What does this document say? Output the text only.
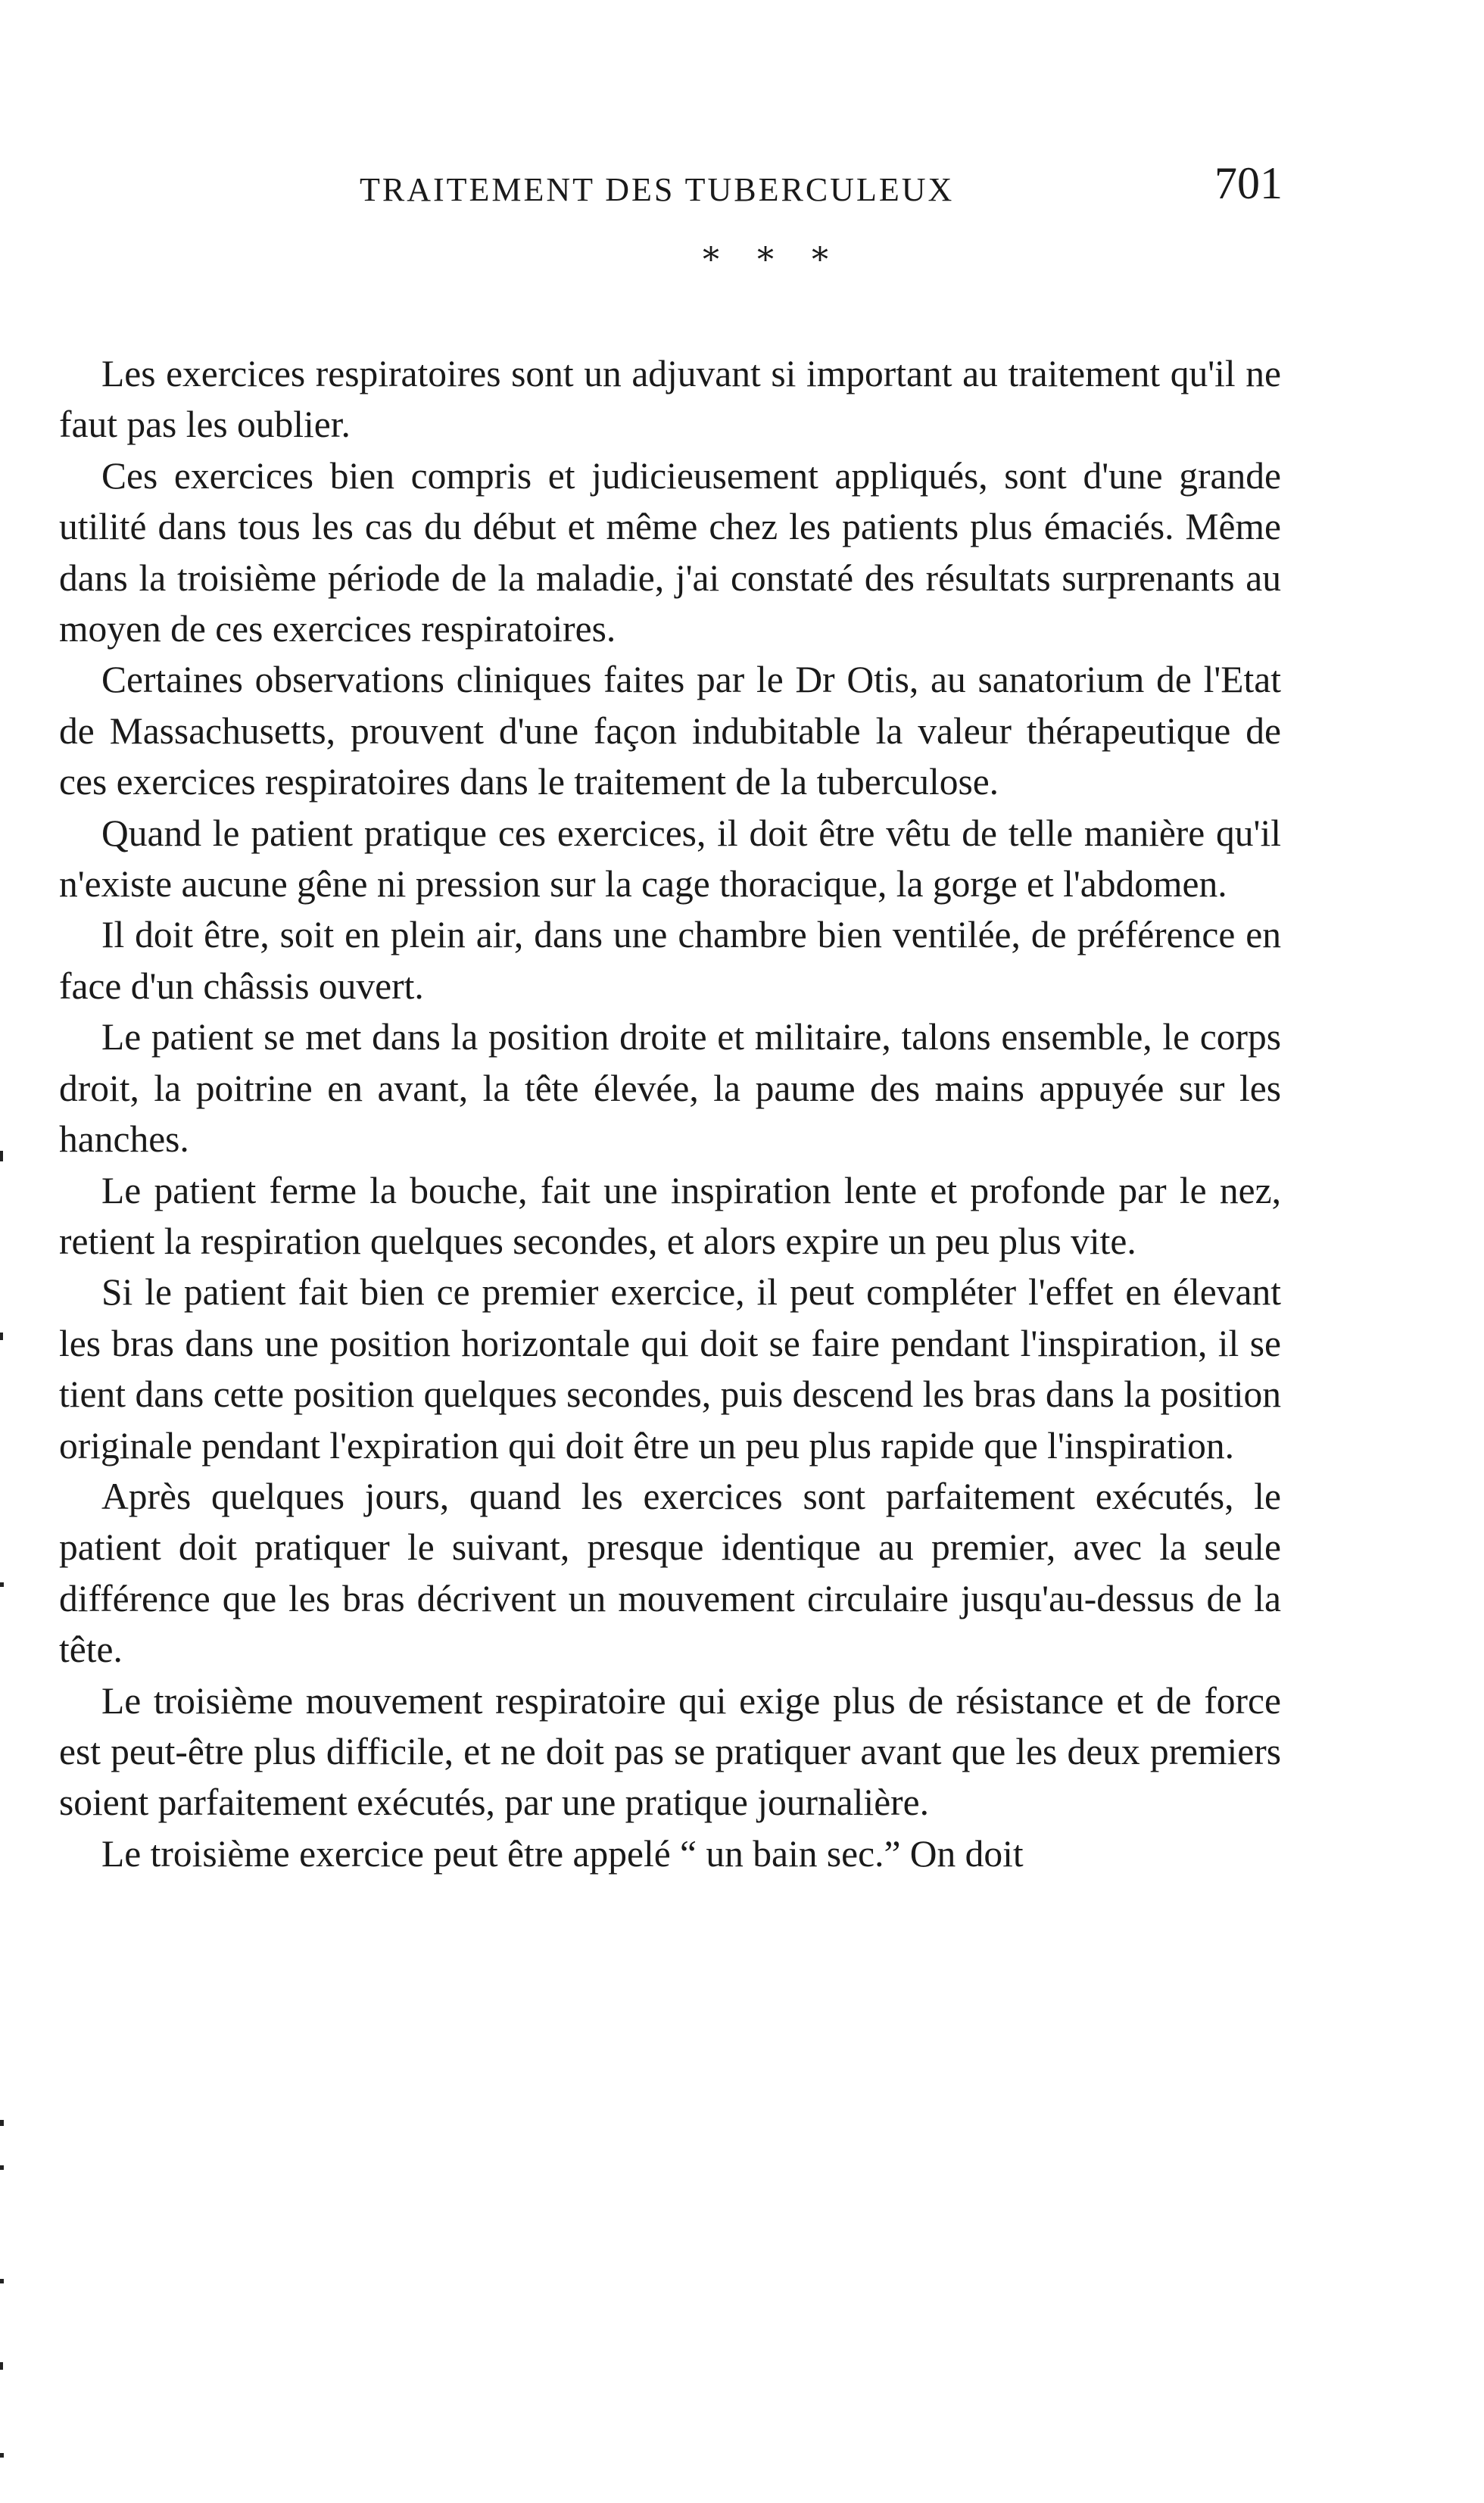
TRAITEMENT DES TUBERCULEUX	701
* * *

Les exercices respiratoires sont un adjuvant si important au traitement qu'il ne faut pas les oublier.

Ces exercices bien compris et judicieusement appliqués, sont d'une grande utilité dans tous les cas du début et même chez les patients plus émaciés. Même dans la troisième période de la maladie, j'ai constaté des résultats surprenants au moyen de ces exercices respiratoires.

Certaines observations cliniques faites par le Dr Otis, au sanatorium de l'Etat de Massachusetts, prouvent d'une façon indubitable la valeur thérapeutique de ces exercices respiratoires dans le traitement de la tuberculose.

Quand le patient pratique ces exercices, il doit être vêtu de telle manière qu'il n'existe aucune gêne ni pression sur la cage thoracique, la gorge et l'abdomen.

Il doit être, soit en plein air, dans une chambre bien ventilée, de préférence en face d'un châssis ouvert.

Le patient se met dans la position droite et militaire, talons ensemble, le corps droit, la poitrine en avant, la tête élevée, la paume des mains appuyée sur les hanches.

Le patient ferme la bouche, fait une inspiration lente et profonde par le nez, retient la respiration quelques secondes, et alors expire un peu plus vite.

Si le patient fait bien ce premier exercice, il peut compléter l'effet en élevant les bras dans une position horizontale qui doit se faire pendant l'inspiration, il se tient dans cette position quelques secondes, puis descend les bras dans la position originale pendant l'expiration qui doit être un peu plus rapide que l'inspiration.

Après quelques jours, quand les exercices sont parfaitement exécutés, le patient doit pratiquer le suivant, presque identique au premier, avec la seule différence que les bras décrivent un mouvement circulaire jusqu'au-dessus de la tête.

Le troisième mouvement respiratoire qui exige plus de résistance et de force est peut-être plus difficile, et ne doit pas se pratiquer avant que les deux premiers soient parfaitement exécutés, par une pratique journalière.

Le troisième exercice peut être appelé “ un bain sec.” On doit
